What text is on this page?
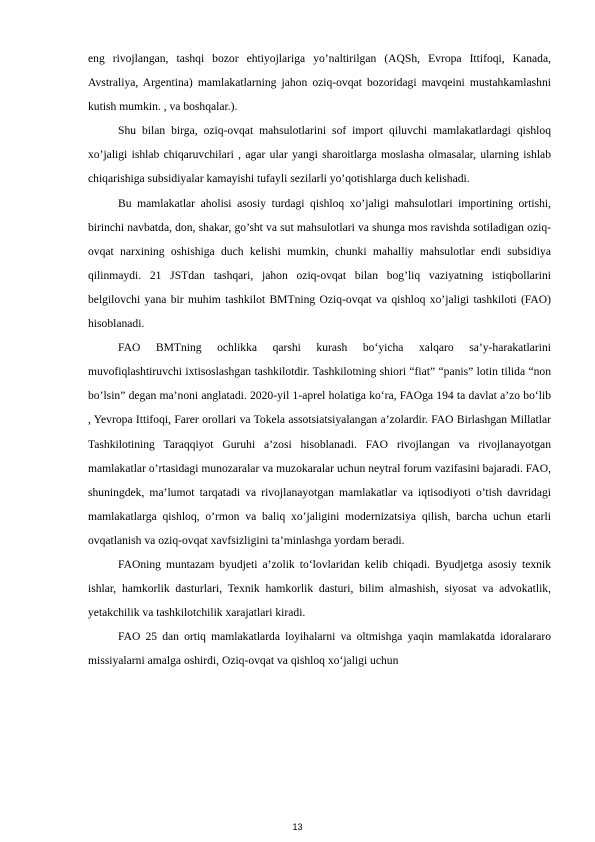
eng rivojlangan, tashqi bozor ehtiyojlariga yo’naltirilgan (AQSh, Evropa Ittifoqi, Kanada, Avstraliya, Argentina) mamlakatlarning jahon oziq-ovqat bozoridagi mavqeini mustahkamlashni kutish mumkin. , va boshqalar.).

Shu bilan birga, oziq-ovqat mahsulotlarini sof import qiluvchi mamlakatlardagi qishloq xo’jaligi ishlab chiqaruvchilari , agar ular yangi sharoitlarga moslasha olmasalar, ularning ishlab chiqarishiga subsidiyalar kamayishi tufayli sezilarli yo’qotishlarga duch kelishadi.

Bu mamlakatlar aholisi asosiy turdagi qishloq xo’jaligi mahsulotlari importining ortishi, birinchi navbatda, don, shakar, go’sht va sut mahsulotlari va shunga mos ravishda sotiladigan oziq-ovqat narxining oshishiga duch kelishi mumkin, chunki mahalliy mahsulotlar endi subsidiya qilinmaydi. 21 JSTdan tashqari, jahon oziq-ovqat bilan bog’liq vaziyatning istiqbollarini belgilovchi yana bir muhim tashkilot BMTning Oziq-ovqat va qishloq xo’jaligi tashkiloti (FAO) hisoblanadi.

FAO BMTning ochlikka qarshi kurash bo‘yicha xalqaro sa’y-harakatlarini muvofiqlashtiruvchi ixtisoslashgan tashkilotdir. Tashkilotning shiori “fiat” “panis” lotin tilida “non bo’lsin” degan ma’noni anglatadi. 2020-yil 1-aprel holatiga ko‘ra, FAOga 194 ta davlat a’zo bo‘lib , Yevropa Ittifoqi, Farer orollari va Tokela assotsiatsiyalangan a’zolardir. FAO Birlashgan Millatlar Tashkilotining Taraqqiyot Guruhi a’zosi hisoblanadi. FAO rivojlangan va rivojlanayotgan mamlakatlar o’rtasidagi munozaralar va muzokaralar uchun neytral forum vazifasini bajaradi. FAO, shuningdek, ma’lumot tarqatadi va rivojlanayotgan mamlakatlar va iqtisodiyoti o’tish davridagi mamlakatlarga qishloq, o’rmon va baliq xo’jaligini modernizatsiya qilish, barcha uchun etarli ovqatlanish va oziq-ovqat xavfsizligini ta’minlashga yordam beradi.

FAOning muntazam byudjeti a’zolik to‘lovlaridan kelib chiqadi. Byudjetga asosiy texnik ishlar, hamkorlik dasturlari, Texnik hamkorlik dasturi, bilim almashish, siyosat va advokatlik, yetakchilik va tashkilotchilik xarajatlari kiradi.

FAO 25 dan ortiq mamlakatlarda loyihalarni va oltmishga yaqin mamlakatda idoralararo missiyalarni amalga oshirdi, Oziq-ovqat va qishloq xo‘jaligi uchun

13
